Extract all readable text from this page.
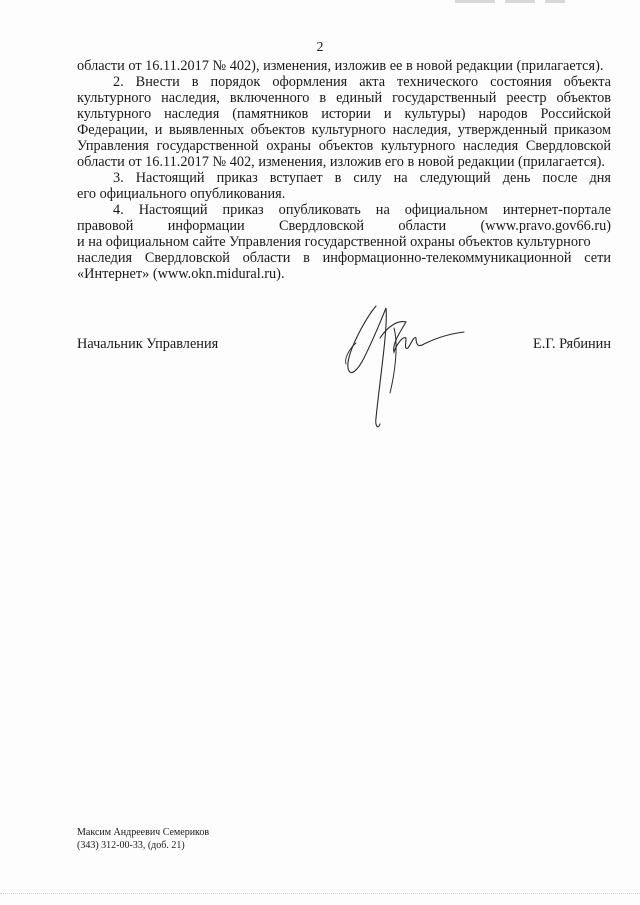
2
области от 16.11.2017 № 402), изменения, изложив ее в новой редакции (прилагается).
2. Внести в порядок оформления акта технического состояния объекта
культурного наследия, включенного в единый государственный реестр объектов
культурного наследия (памятников истории и культуры) народов Российской
Федерации, и выявленных объектов культурного наследия, утвержденный приказом
Управления государственной охраны объектов культурного наследия Свердловской
области от 16.11.2017 № 402, изменения, изложив его в новой редакции (прилагается).
3. Настоящий приказ вступает в силу на следующий день после дня
его официального опубликования.
4. Настоящий приказ опубликовать на официальном интернет-портале
правовой информации Свердловской области (www.pravo.gov66.ru)
и на официальном сайте Управления государственной охраны объектов культурного
наследия Свердловской области в информационно-телекоммуникационной сети
«Интернет» (www.okn.midural.ru).
Начальник Управления	Е.Г. Рябинин
Максим Андреевич Семериков
(343) 312-00-33, (доб. 21)
